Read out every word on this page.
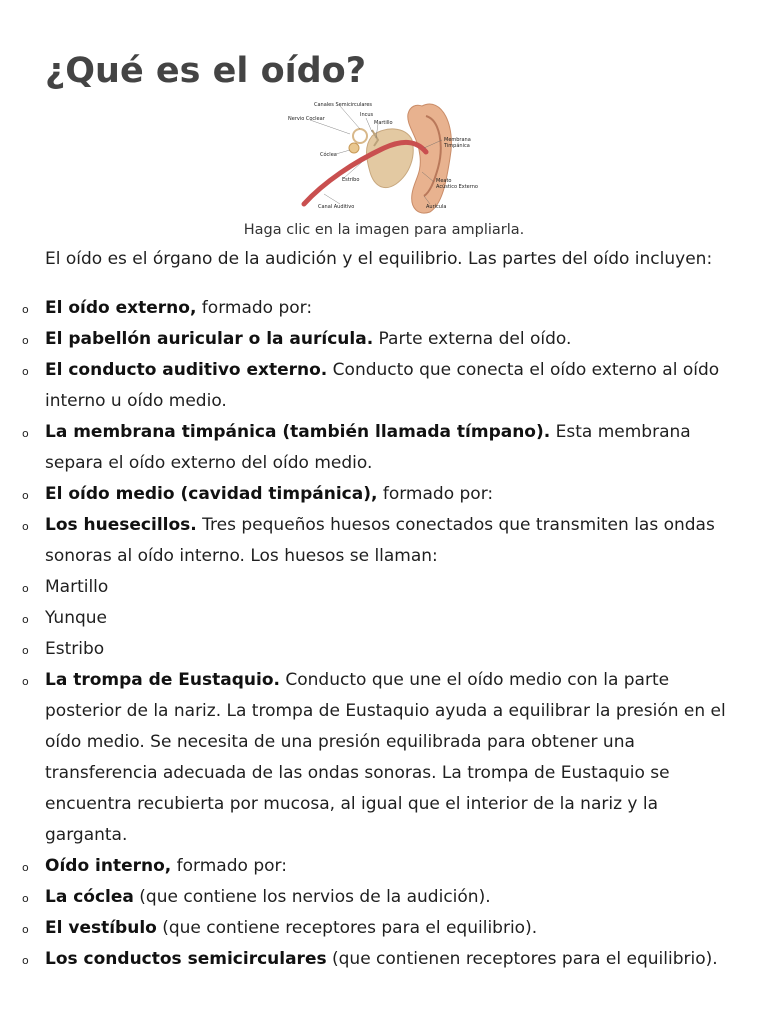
¿Qué es el oído?
Canales Semicirculares
Nervio Coclear
Incus
Martillo
Cóclea
Membrana
Timpánica
Estribo	Meato
Acústico Externo
Canal Auditivo	Aurícula
Haga clic en la imagen para ampliarla.

El oído es el órgano de la audición y el equilibrio. Las partes del oído incluyen:

o El oído externo, formado por:
o El pabellón auricular o la aurícula. Parte externa del oído.
o El conducto auditivo externo. Conducto que conecta el oído externo al oído interno u oído medio.
o La membrana timpánica (también llamada tímpano). Esta membrana separa el oído externo del oído medio.
o El oído medio (cavidad timpánica), formado por:
o Los huesecillos. Tres pequeños huesos conectados que transmiten las ondas sonoras al oído interno. Los huesos se llaman:
o Martillo
o Yunque
o Estribo
o La trompa de Eustaquio. Conducto que une el oído medio con la parte posterior de la nariz. La trompa de Eustaquio ayuda a equilibrar la presión en el oído medio. Se necesita de una presión equilibrada para obtener una transferencia adecuada de las ondas sonoras. La trompa de Eustaquio se encuentra recubierta por mucosa, al igual que el interior de la nariz y la garganta.
o Oído interno, formado por:
o La cóclea (que contiene los nervios de la audición).
o El vestíbulo (que contiene receptores para el equilibrio).
o Los conductos semicirculares (que contienen receptores para el equilibrio).
